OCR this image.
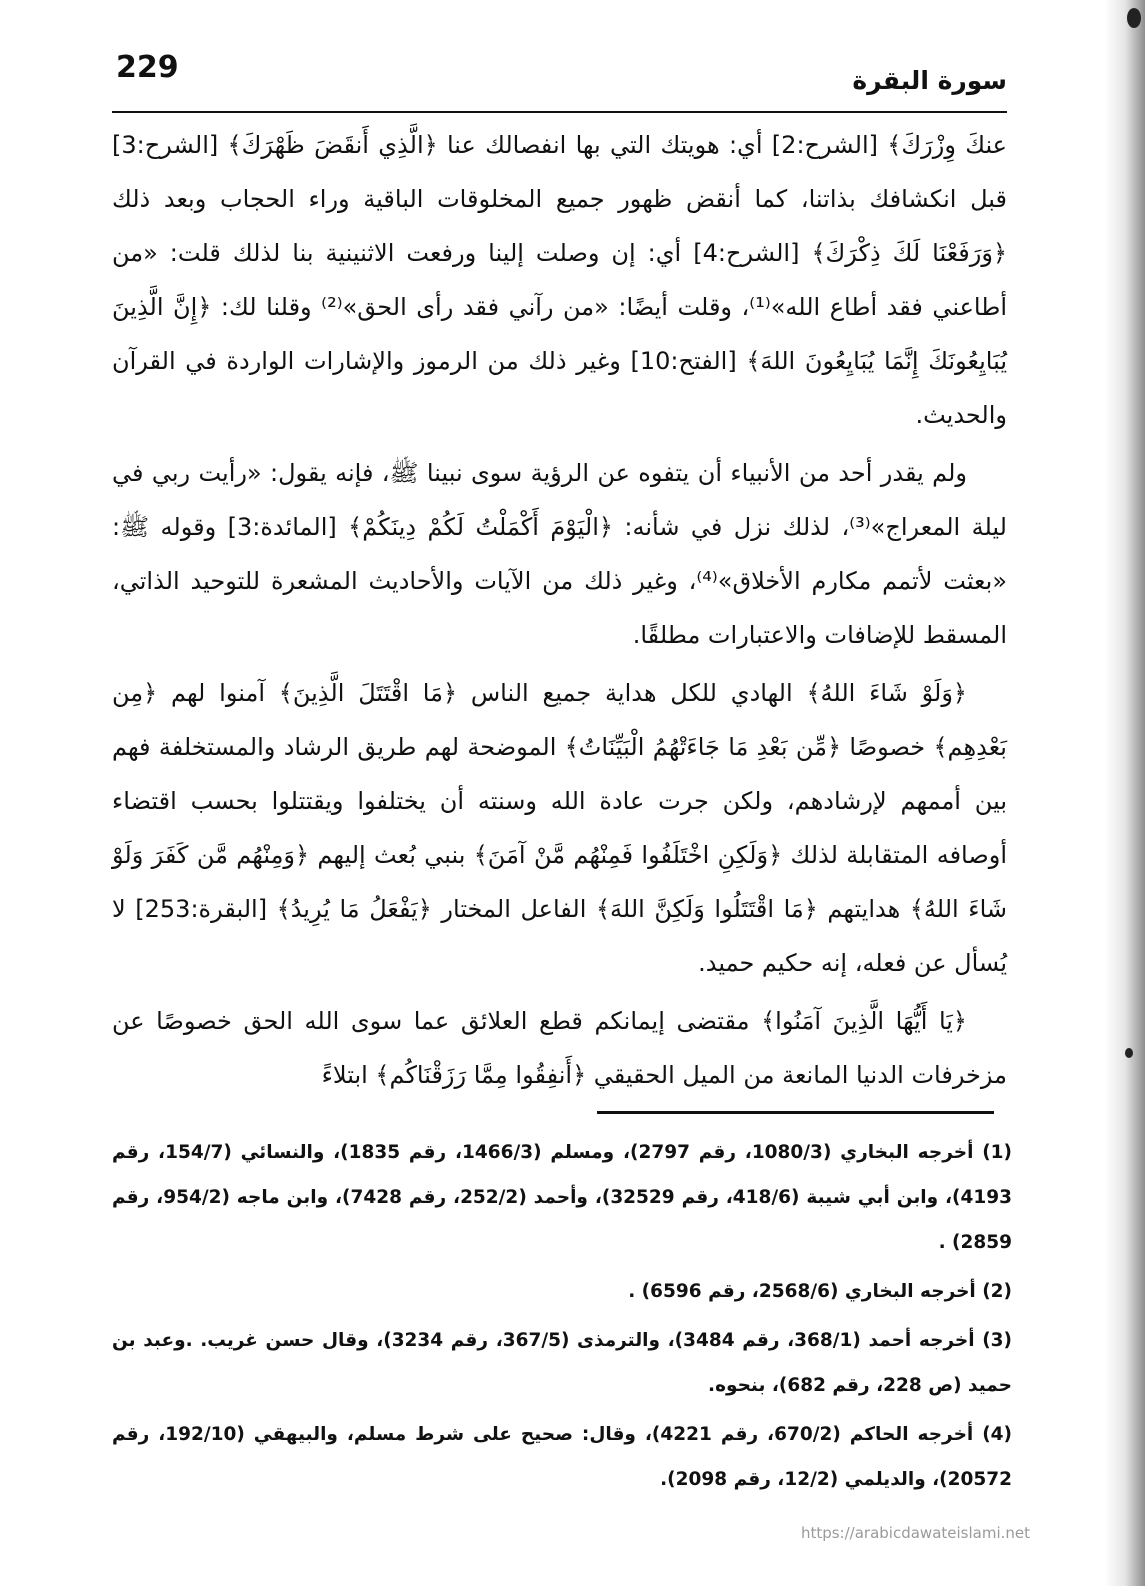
229	سورة البقرة

عنكَ وِزْرَكَ﴾ [الشرح:2] أي: هويتك التي بها انفصالك عنا ﴿الَّذِي أَنقَضَ ظَهْرَكَ﴾ [الشرح:3] قبل انكشافك بذاتنا، كما أنقض ظهور جميع المخلوقات الباقية وراء الحجاب وبعد ذلك ﴿وَرَفَعْنَا لَكَ ذِكْرَكَ﴾ [الشرح:4] أي: إن وصلت إلينا ورفعت الاثنينية بنا لذلك قلت: «من أطاعني فقد أطاع الله»⁽¹⁾، وقلت أيضًا: «من رآني فقد رأى الحق»⁽²⁾ وقلنا لك: ﴿إِنَّ الَّذِينَ يُبَايِعُونَكَ إِنَّمَا يُبَايِعُونَ اللهَ﴾ [الفتح:10] وغير ذلك من الرموز والإشارات الواردة في القرآن والحديث.

ولم يقدر أحد من الأنبياء أن يتفوه عن الرؤية سوى نبينا ﷺ، فإنه يقول: «رأيت ربي في ليلة المعراج»⁽³⁾، لذلك نزل في شأنه: ﴿الْيَوْمَ أَكْمَلْتُ لَكُمْ دِينَكُمْ﴾ [المائدة:3] وقوله ﷺ: «بعثت لأتمم مكارم الأخلاق»⁽⁴⁾، وغير ذلك من الآيات والأحاديث المشعرة للتوحيد الذاتي، المسقط للإضافات والاعتبارات مطلقًا.

﴿وَلَوْ شَاءَ اللهُ﴾ الهادي للكل هداية جميع الناس ﴿مَا اقْتَتَلَ الَّذِينَ﴾ آمنوا لهم ﴿مِن بَعْدِهِم﴾ خصوصًا ﴿مِّن بَعْدِ مَا جَاءَتْهُمُ الْبَيِّنَاتُ﴾ الموضحة لهم طريق الرشاد والمستخلفة فهم بين أممهم لإرشادهم، ولكن جرت عادة الله وسنته أن يختلفوا ويقتتلوا بحسب اقتضاء أوصافه المتقابلة لذلك ﴿وَلَكِنِ اخْتَلَفُوا فَمِنْهُم مَّنْ آمَنَ﴾ بنبي بُعث إليهم ﴿وَمِنْهُم مَّن كَفَرَ وَلَوْ شَاءَ اللهُ﴾ هدايتهم ﴿مَا اقْتَتَلُوا وَلَكِنَّ اللهَ﴾ الفاعل المختار ﴿يَفْعَلُ مَا يُرِيدُ﴾ [البقرة:253] لا يُسأل عن فعله، إنه حكيم حميد.

﴿يَا أَيُّهَا الَّذِينَ آمَنُوا﴾ مقتضى إيمانكم قطع العلائق عما سوى الله الحق خصوصًا عن مزخرفات الدنيا المانعة من الميل الحقيقي ﴿أَنفِقُوا مِمَّا رَزَقْنَاكُم﴾ ابتلاءً

(1) أخرجه البخاري (1080/3، رقم 2797)، ومسلم (1466/3، رقم 1835)، والنسائي (154/7، رقم 4193)، وابن أبي شيبة (418/6، رقم 32529)، وأحمد (252/2، رقم 7428)، وابن ماجه (954/2، رقم 2859) .

(2) أخرجه البخاري (2568/6، رقم 6596) .

(3) أخرجه أحمد (368/1، رقم 3484)، والترمذى (367/5، رقم 3234)، وقال حسن غريب. .وعبد بن حميد (ص 228، رقم 682)، بنحوه.

(4) أخرجه الحاكم (670/2، رقم 4221)، وقال: صحيح على شرط مسلم، والبيهقي (192/10، رقم 20572)، والديلمي (12/2، رقم 2098).

https://arabicdawateislami.net
